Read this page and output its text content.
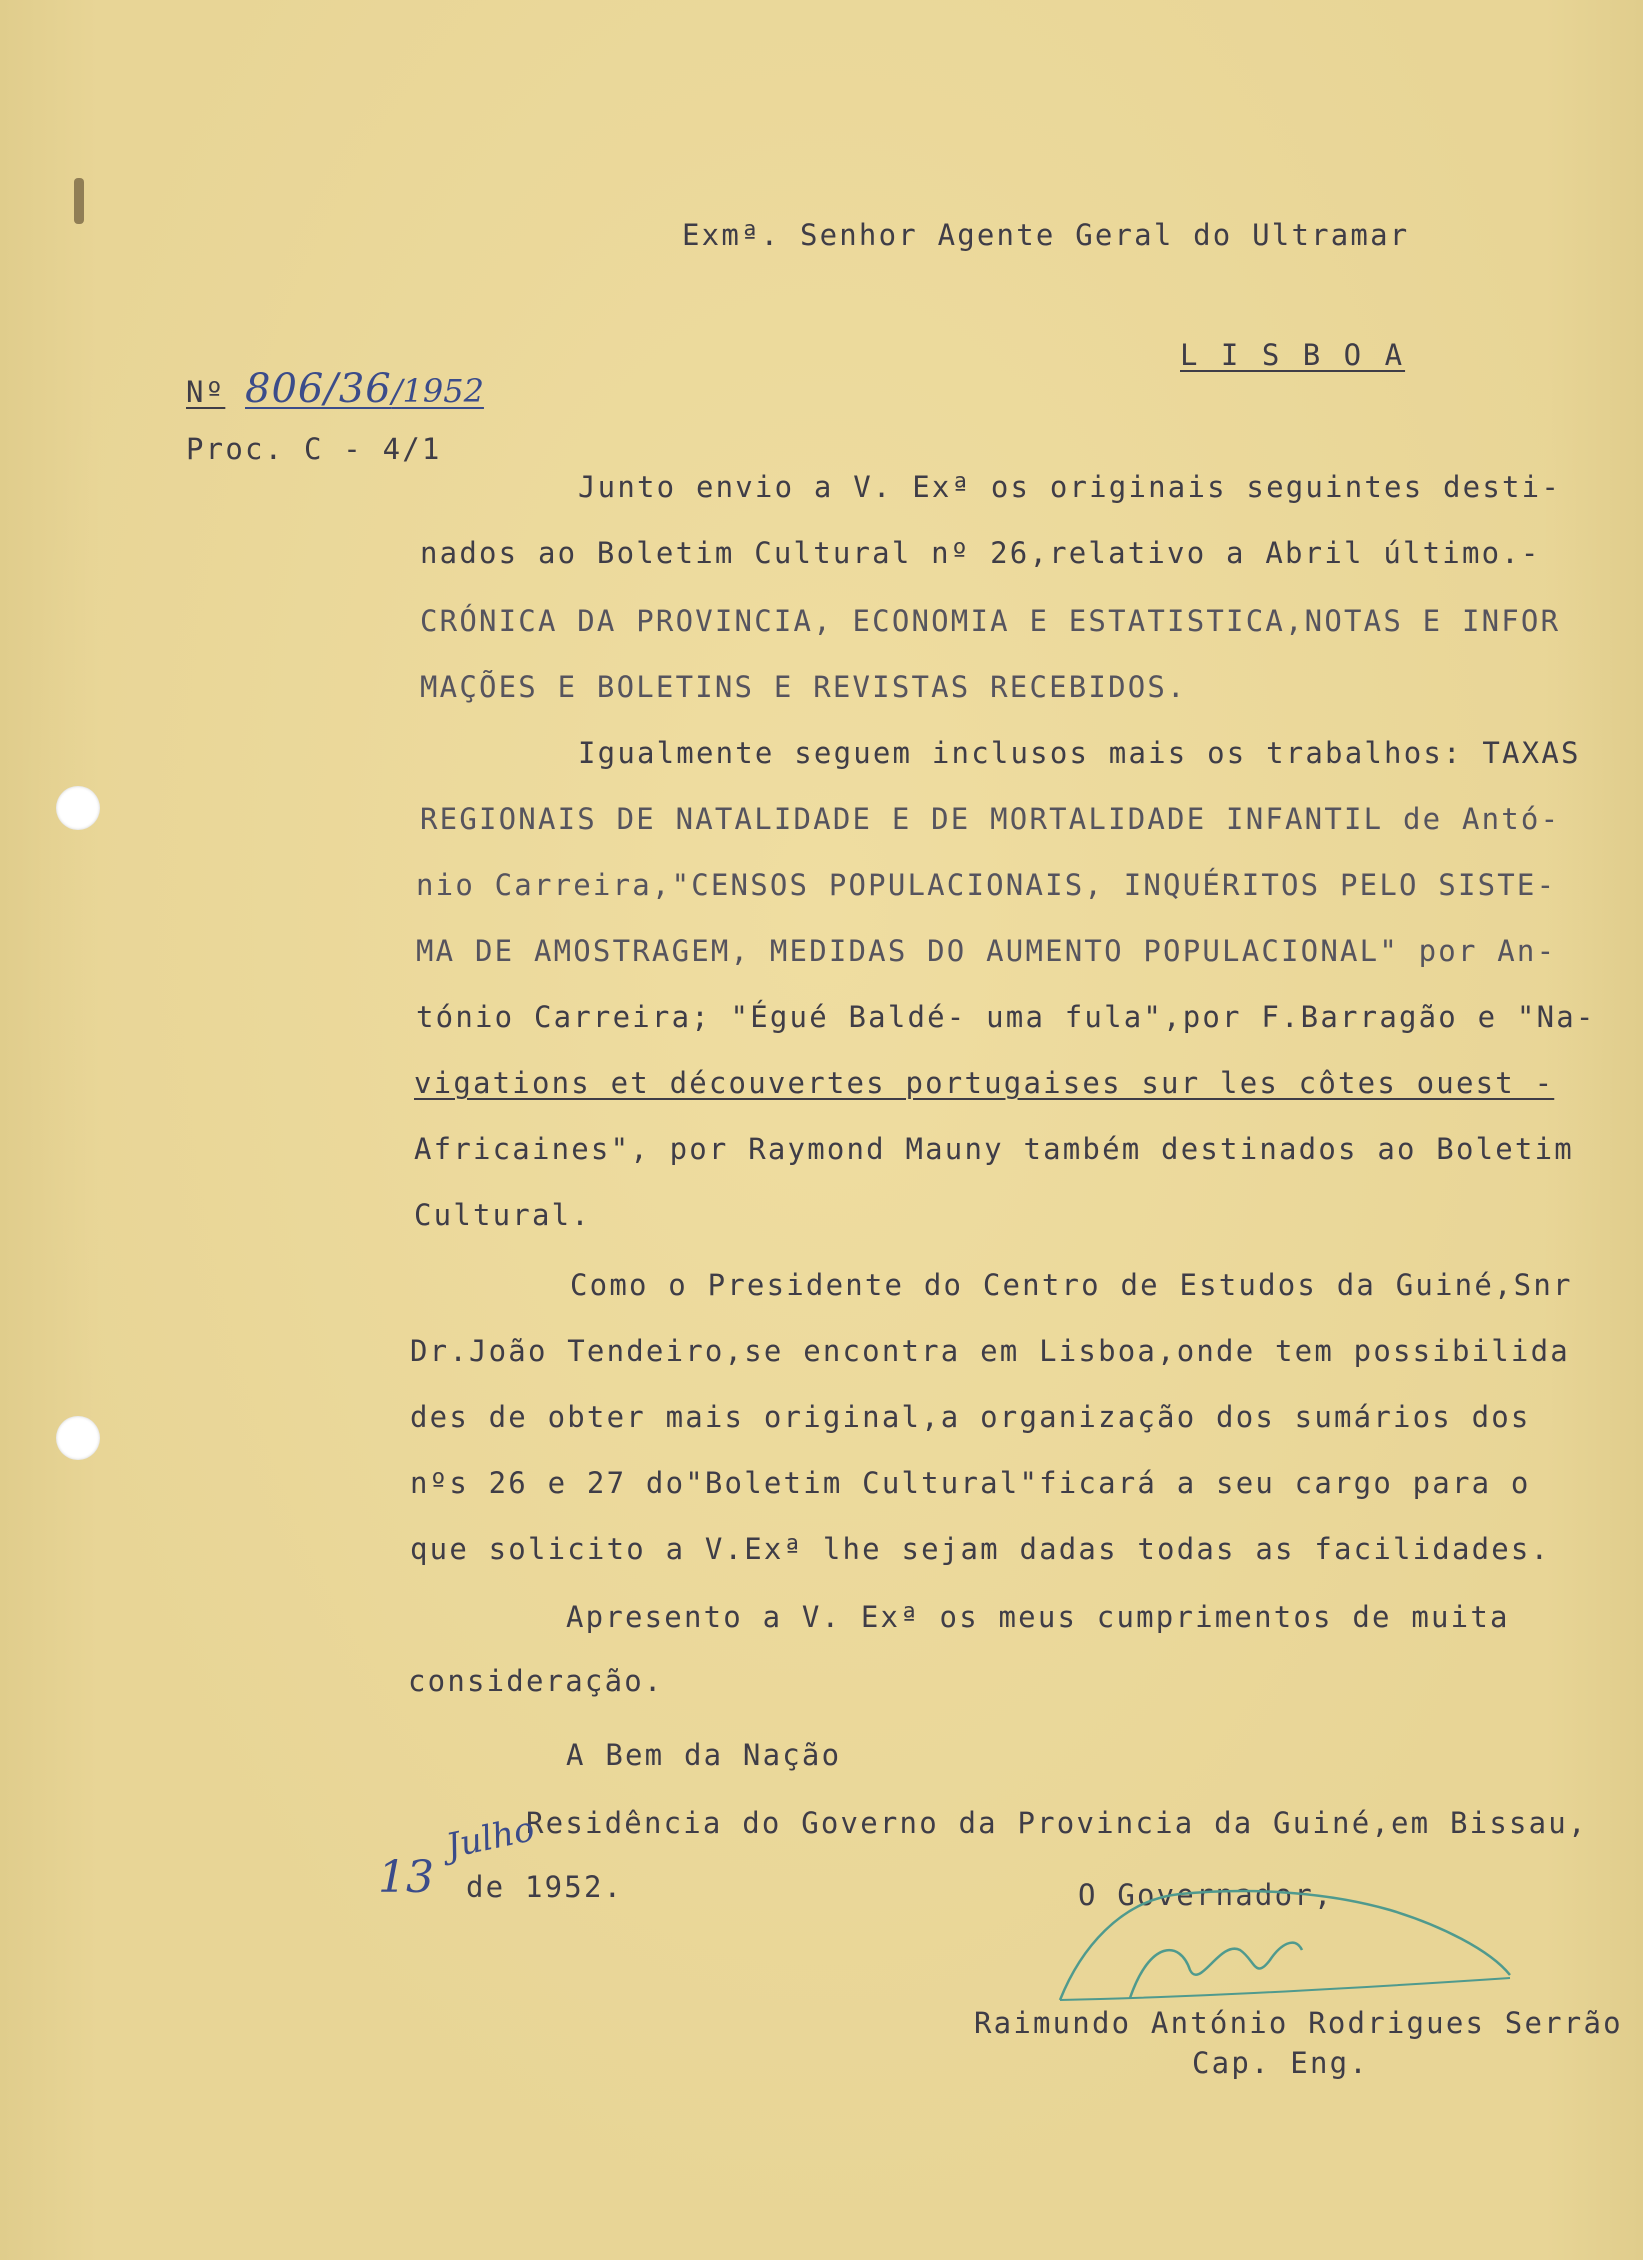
Exmª. Senhor Agente Geral do Ultramar
L I S B O A
Nº 806/36/1952
Proc. C - 4/1
Junto envio a V. Exª os originais seguintes desti-
nados ao Boletim Cultural nº 26,relativo a Abril último.-
CRÓNICA DA PROVINCIA, ECONOMIA E ESTATISTICA,NOTAS E INFOR
MAÇÕES E BOLETINS E REVISTAS RECEBIDOS.
Igualmente seguem inclusos mais os trabalhos: TAXAS
REGIONAIS DE NATALIDADE E DE MORTALIDADE INFANTIL de Antó-
nio Carreira,"CENSOS POPULACIONAIS, INQUÉRITOS PELO SISTE-
MA DE AMOSTRAGEM, MEDIDAS DO AUMENTO POPULACIONAL" por An-
tónio Carreira; "Égué Baldé- uma fula",por F.Barragão e "Na-
vigations et découvertes portugaises sur les côtes ouest -
Africaines", por Raymond Mauny também destinados ao Boletim
Cultural.
Como o Presidente do Centro de Estudos da Guiné,Snr
Dr.João Tendeiro,se encontra em Lisboa,onde tem possibilida
des de obter mais original,a organização dos sumários dos
nºs 26 e 27 do"Boletim Cultural"ficará a seu cargo para o
que solicito a V.Exª lhe sejam dadas todas as facilidades.
Apresento a V. Exª os meus cumprimentos de muita
consideração.
A Bem da Nação
Residência do Governo da Provincia da Guiné,em Bissau,
13
Julho
de 1952.	O Governador,
Raimundo António Rodrigues Serrão
Cap. Eng.
